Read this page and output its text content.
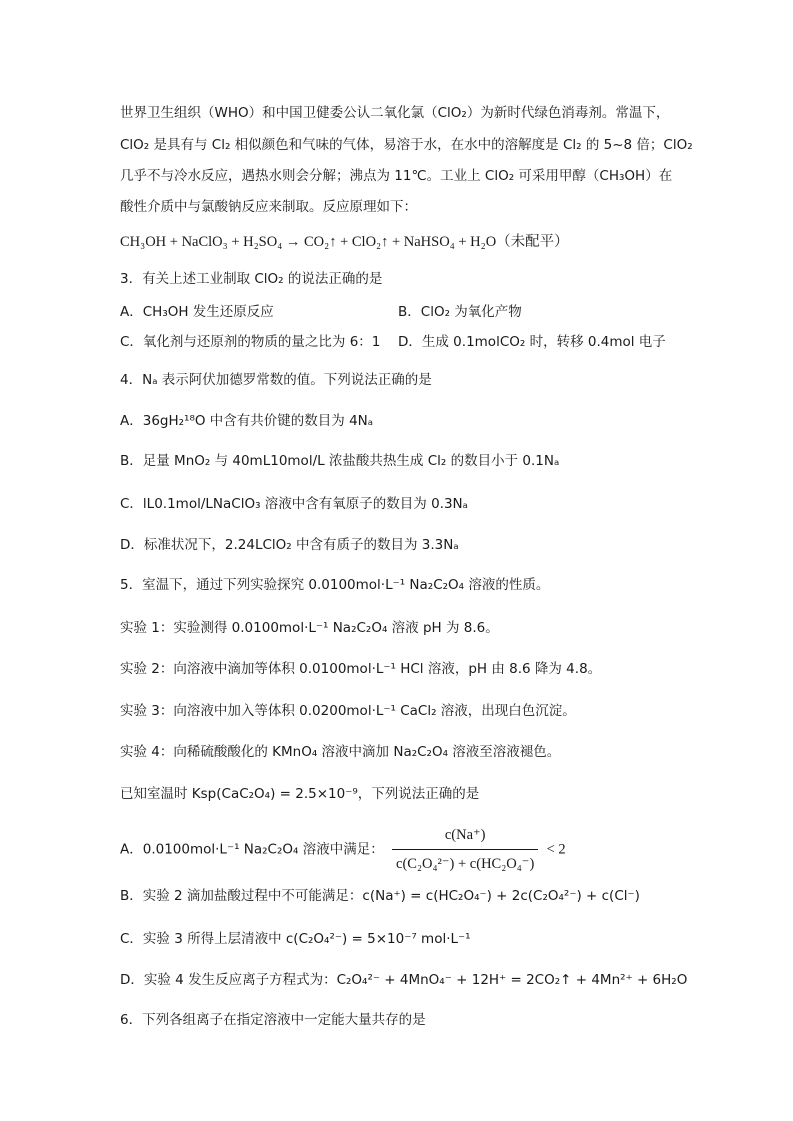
世界卫生组织（WHO）和中国卫健委公认二氧化氯（ClO₂）为新时代绿色消毒剂。常温下，
ClO₂ 是具有与 Cl₂ 相似颜色和气味的气体，易溶于水，在水中的溶解度是 Cl₂ 的 5~8 倍；ClO₂
几乎不与冷水反应，遇热水则会分解；沸点为 11℃。工业上 ClO₂ 可采用甲醇（CH₃OH）在
酸性介质中与氯酸钠反应来制取。反应原理如下：
CH₃OH + NaClO₃ + H₂SO₄ → CO₂↑ + ClO₂↑ + NaHSO₄ + H₂O（未配平）
3．有关上述工业制取 ClO₂ 的说法正确的是
A．CH₃OH 发生还原反应	B．ClO₂ 为氧化产物
C．氧化剂与还原剂的物质的量之比为 6：1 D．生成 0.1molCO₂ 时，转移 0.4mol 电子
4．Nₐ 表示阿伏加德罗常数的值。下列说法正确的是
A．36gH₂¹⁸O 中含有共价键的数目为 4Nₐ
B．足量 MnO₂ 与 40mL10mol/L 浓盐酸共热生成 Cl₂ 的数目小于 0.1Nₐ
C．lL0.1mol/LNaClO₃ 溶液中含有氧原子的数目为 0.3Nₐ
D．标准状况下，2.24LClO₂ 中含有质子的数目为 3.3Nₐ
5．室温下，通过下列实验探究 0.0100mol·L⁻¹ Na₂C₂O₄ 溶液的性质。
实验 1：实验测得 0.0100mol·L⁻¹ Na₂C₂O₄ 溶液 pH 为 8.6。
实验 2：向溶液中滴加等体积 0.0100mol·L⁻¹ HCl 溶液，pH 由 8.6 降为 4.8。
实验 3：向溶液中加入等体积 0.0200mol·L⁻¹ CaCl₂ 溶液，出现白色沉淀。
实验 4：向稀硫酸酸化的 KMnO₄ 溶液中滴加 Na₂C₂O₄ 溶液至溶液褪色。
已知室温时 Ksp(CaC₂O₄) = 2.5×10⁻⁹，下列说法正确的是
A．0.0100mol·L⁻¹ Na₂C₂O₄ 溶液中满足： $\frac{c(Na^+)}{\text{c(C₂O₄²⁻) + c(HC₂O₄⁻)}} < 2$
B．实验 2 滴加盐酸过程中不可能满足：c(Na⁺) = c(HC₂O₄⁻) + 2c(C₂O₄²⁻) + c(Cl⁻)
C．实验 3 所得上层清液中 c(C₂O₄²⁻) = 5×10⁻⁷ mol·L⁻¹
D．实验 4 发生反应离子方程式为：C₂O₄²⁻ + 4MnO₄⁻ + 12H⁺ = 2CO₂↑ + 4Mn²⁺ + 6H₂O
6．下列各组离子在指定溶液中一定能大量共存的是
